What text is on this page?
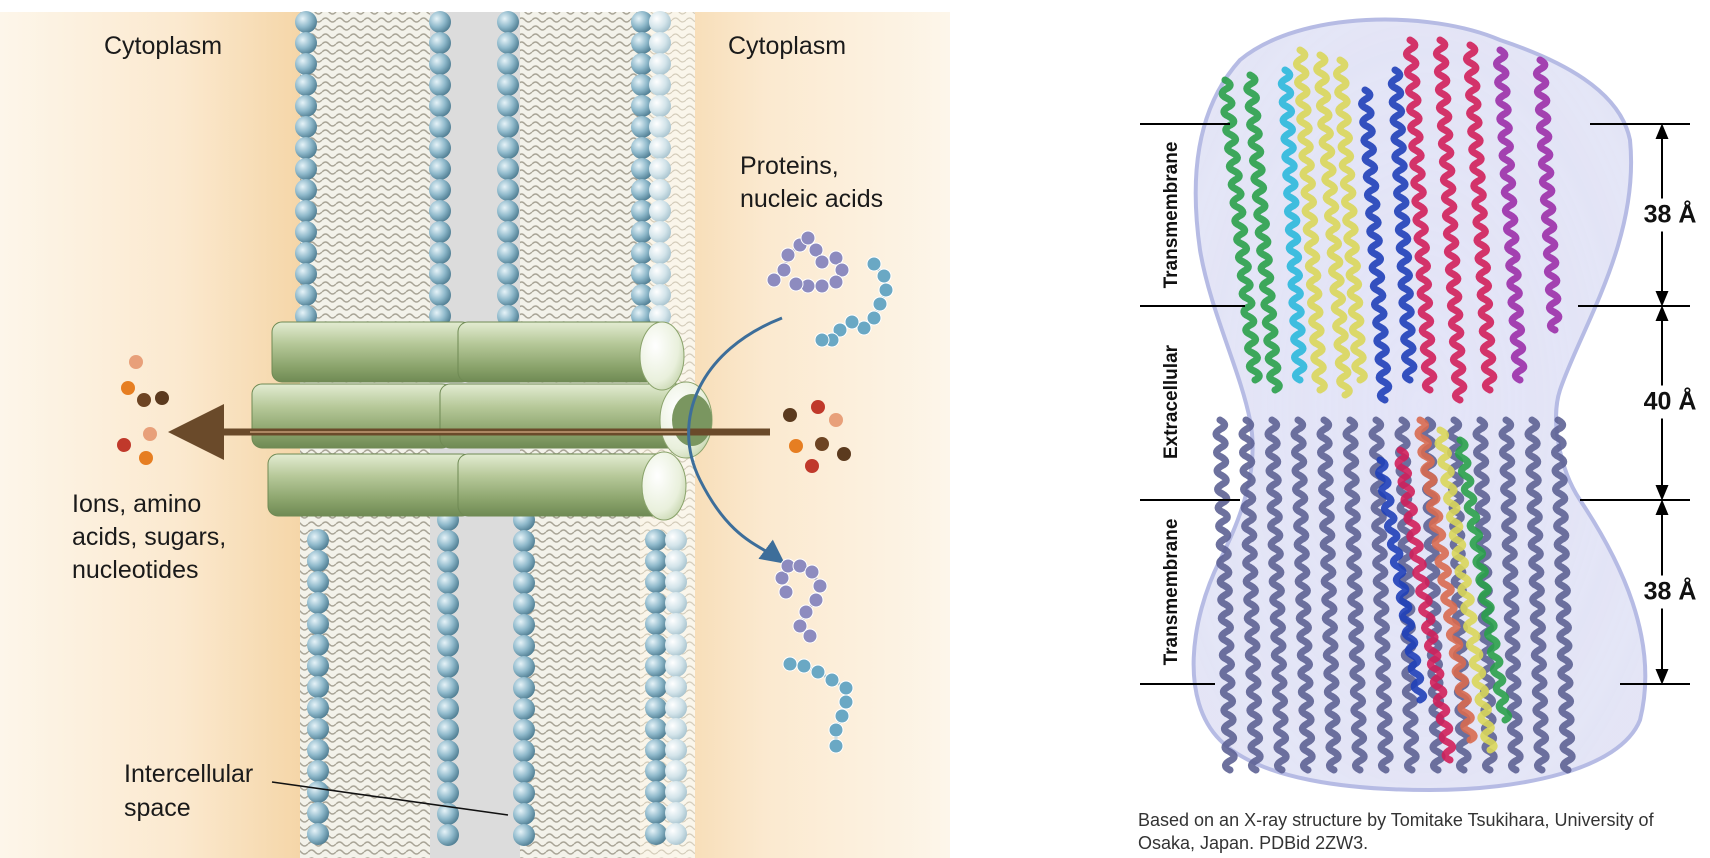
Cytoplasm	Cytoplasm
Proteins,
nucleic acids
Ions, amino
acids, sugars,
nucleotides
Intercellular
space
Transmembrane
Extracellular
Transmembrane
38 Å
40 Å
38 Å
Based on an X-ray structure by Tomitake Tsukihara, University of Osaka, Japan. PDBid 2ZW3.
